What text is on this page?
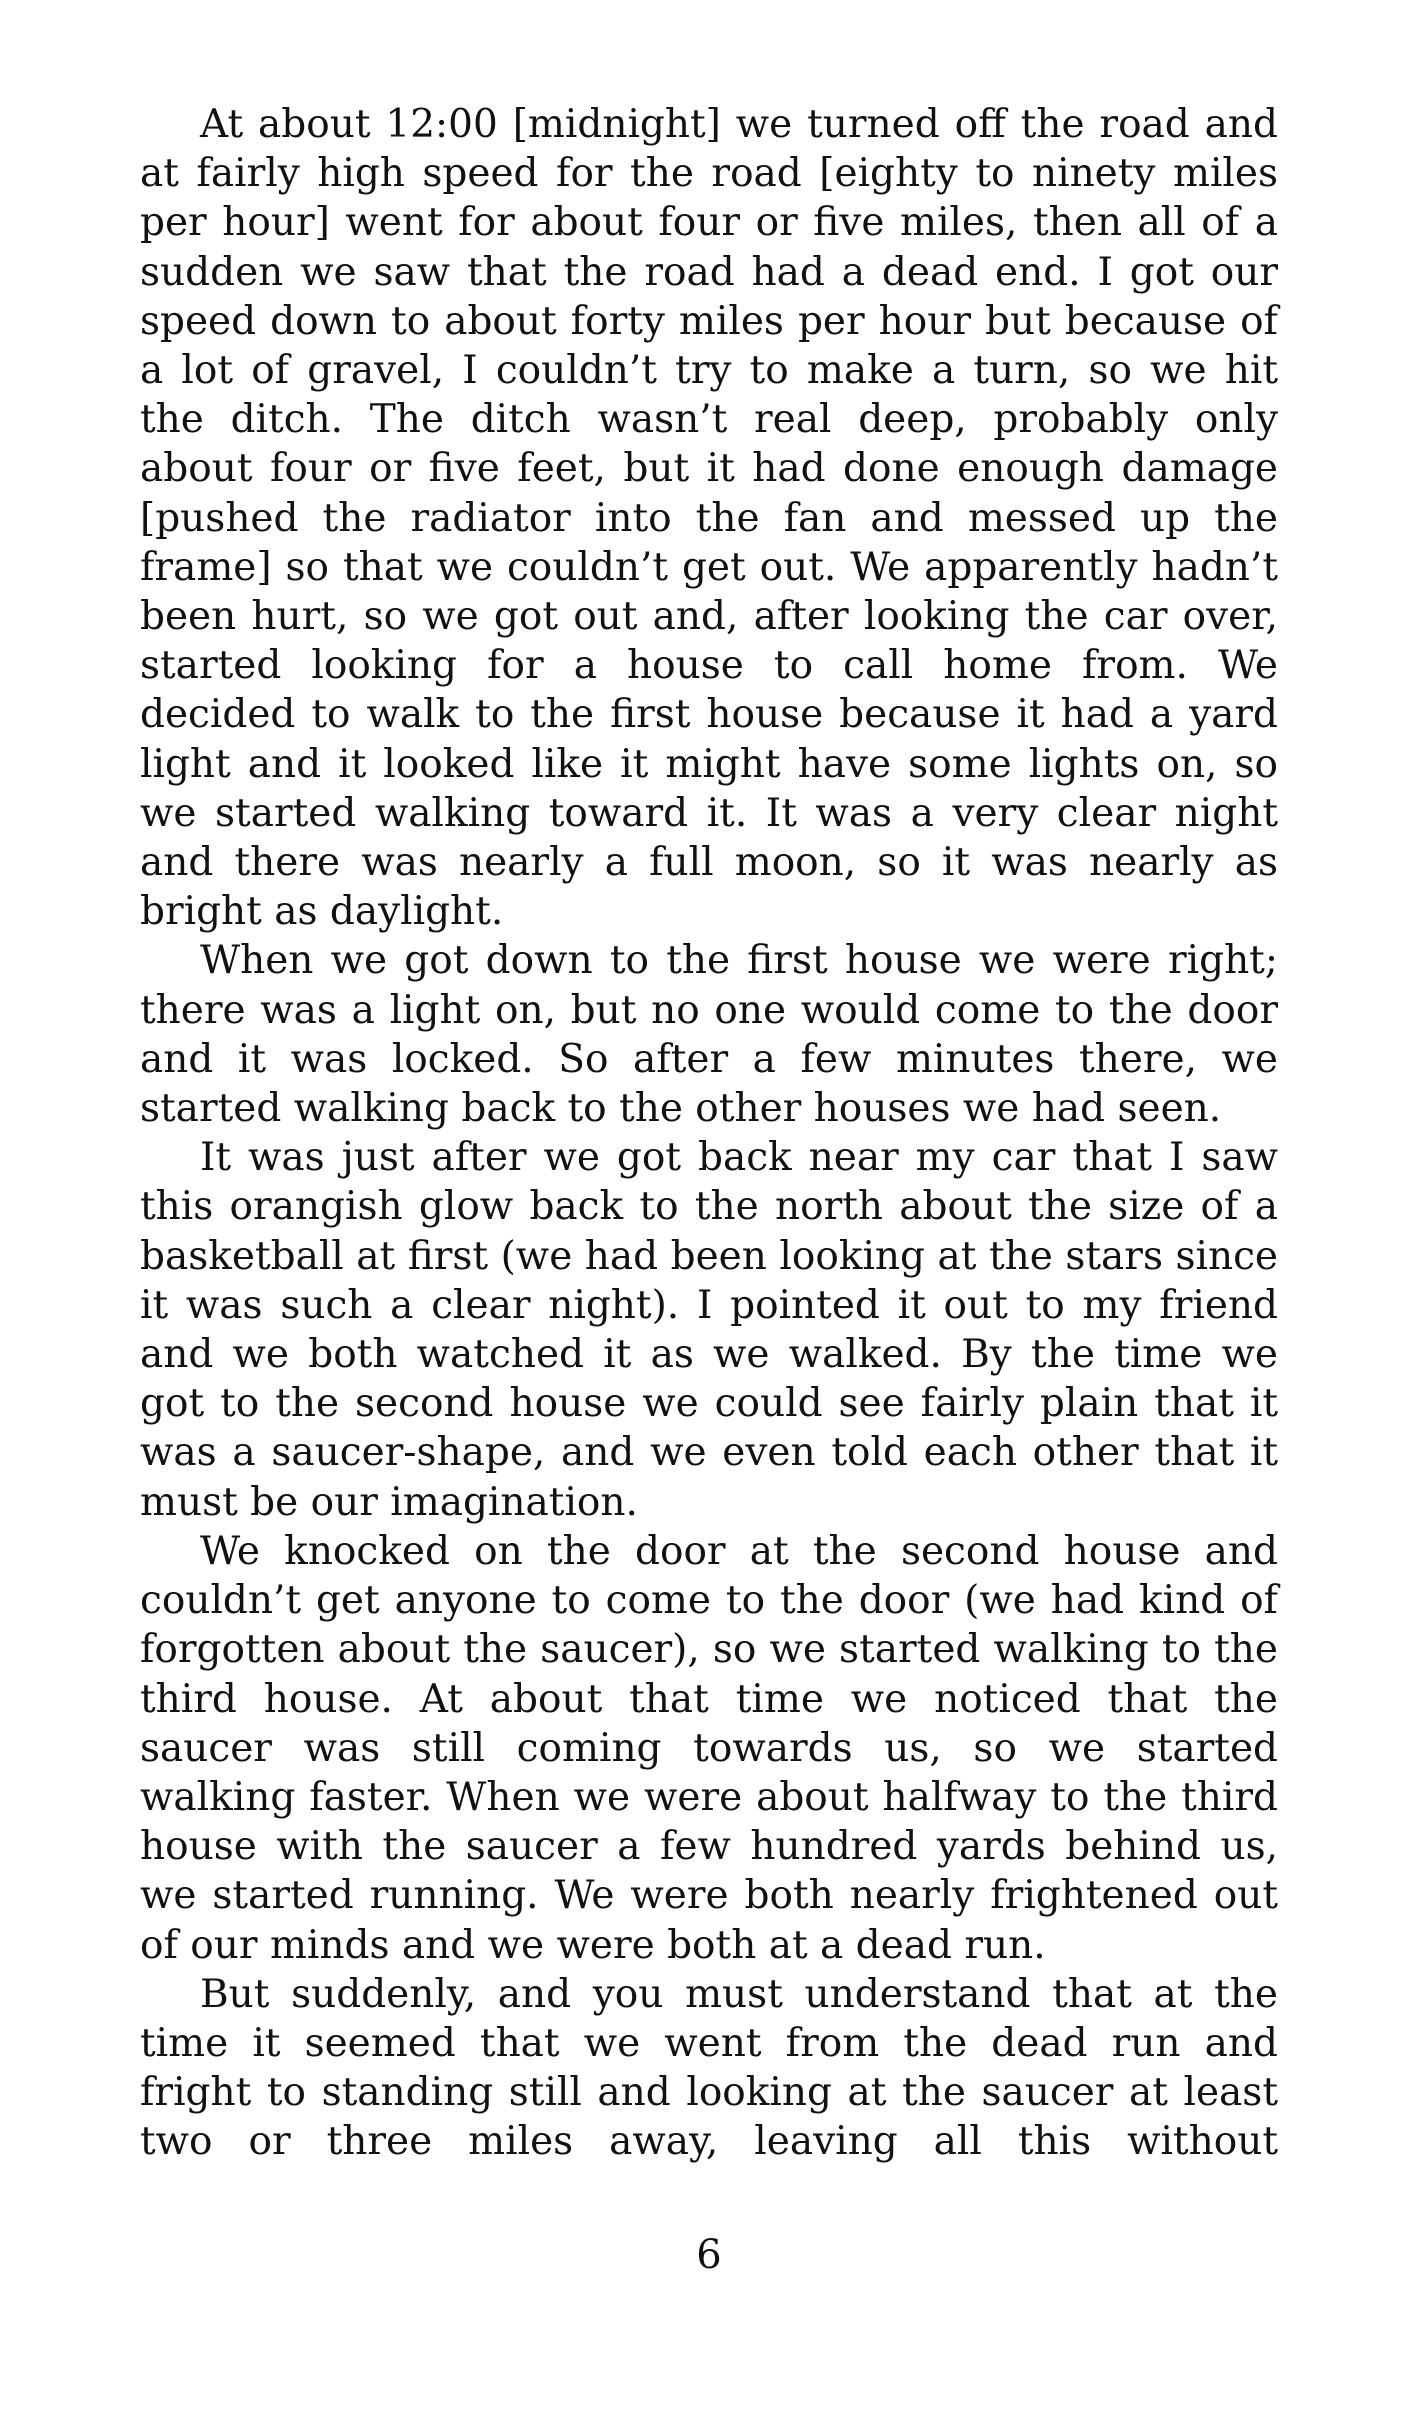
At about 12:00 [midnight] we turned off the road and at fairly high speed for the road [eighty to ninety miles per hour] went for about four or five miles, then all of a sudden we saw that the road had a dead end. I got our speed down to about forty miles per hour but because of a lot of gravel, I couldn’t try to make a turn, so we hit the ditch. The ditch wasn’t real deep, probably only about four or five feet, but it had done enough damage [pushed the radiator into the fan and messed up the frame] so that we couldn’t get out. We apparently hadn’t been hurt, so we got out and, after looking the car over, started looking for a house to call home from. We decided to walk to the first house because it had a yard light and it looked like it might have some lights on, so we started walking toward it. It was a very clear night and there was nearly a full moon, so it was nearly as bright as daylight.

When we got down to the first house we were right; there was a light on, but no one would come to the door and it was locked. So after a few minutes there, we started walking back to the other houses we had seen.

It was just after we got back near my car that I saw this orangish glow back to the north about the size of a basketball at first (we had been looking at the stars since it was such a clear night). I pointed it out to my friend and we both watched it as we walked. By the time we got to the second house we could see fairly plain that it was a saucer-shape, and we even told each other that it must be our imagination.

We knocked on the door at the second house and couldn’t get anyone to come to the door (we had kind of forgotten about the saucer), so we started walking to the third house. At about that time we noticed that the saucer was still coming towards us, so we started walking faster. When we were about halfway to the third house with the saucer a few hundred yards behind us, we started running. We were both nearly frightened out of our minds and we were both at a dead run.

But suddenly, and you must understand that at the time it seemed that we went from the dead run and fright to standing still and looking at the saucer at least two or three miles away, leaving all this without

6
